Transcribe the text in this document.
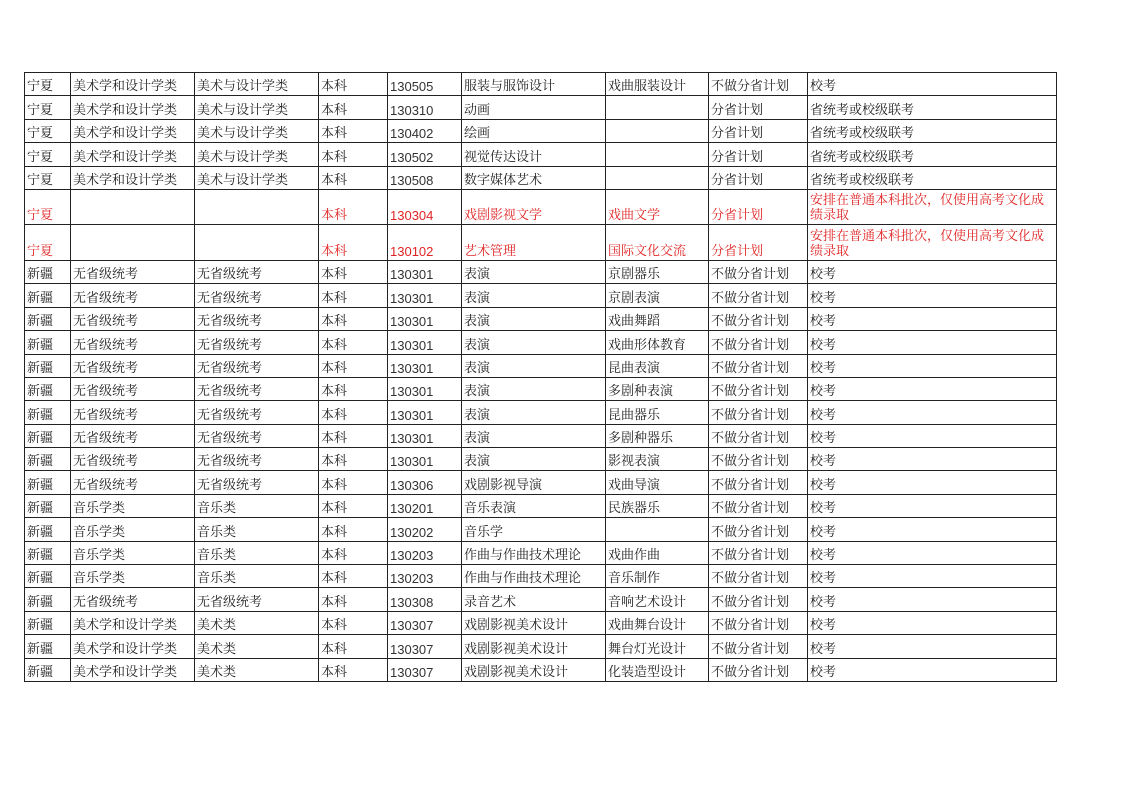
宁夏	美术学和设计学类	美术与设计学类	本科	130505	服装与服饰设计	戏曲服装设计	不做分省计划	校考
宁夏	美术学和设计学类	美术与设计学类	本科	130310	动画		分省计划	省统考或校级联考
宁夏	美术学和设计学类	美术与设计学类	本科	130402	绘画		分省计划	省统考或校级联考
宁夏	美术学和设计学类	美术与设计学类	本科	130502	视觉传达设计		分省计划	省统考或校级联考
宁夏	美术学和设计学类	美术与设计学类	本科	130508	数字媒体艺术		分省计划	省统考或校级联考
宁夏			本科	130304	戏剧影视文学	戏曲文学	分省计划	安排在普通本科批次，仅使用高考文化成绩录取
宁夏			本科	130102	艺术管理	国际文化交流	分省计划	安排在普通本科批次，仅使用高考文化成绩录取
新疆	无省级统考	无省级统考	本科	130301	表演	京剧器乐	不做分省计划	校考
新疆	无省级统考	无省级统考	本科	130301	表演	京剧表演	不做分省计划	校考
新疆	无省级统考	无省级统考	本科	130301	表演	戏曲舞蹈	不做分省计划	校考
新疆	无省级统考	无省级统考	本科	130301	表演	戏曲形体教育	不做分省计划	校考
新疆	无省级统考	无省级统考	本科	130301	表演	昆曲表演	不做分省计划	校考
新疆	无省级统考	无省级统考	本科	130301	表演	多剧种表演	不做分省计划	校考
新疆	无省级统考	无省级统考	本科	130301	表演	昆曲器乐	不做分省计划	校考
新疆	无省级统考	无省级统考	本科	130301	表演	多剧种器乐	不做分省计划	校考
新疆	无省级统考	无省级统考	本科	130301	表演	影视表演	不做分省计划	校考
新疆	无省级统考	无省级统考	本科	130306	戏剧影视导演	戏曲导演	不做分省计划	校考
新疆	音乐学类	音乐类	本科	130201	音乐表演	民族器乐	不做分省计划	校考
新疆	音乐学类	音乐类	本科	130202	音乐学		不做分省计划	校考
新疆	音乐学类	音乐类	本科	130203	作曲与作曲技术理论	戏曲作曲	不做分省计划	校考
新疆	音乐学类	音乐类	本科	130203	作曲与作曲技术理论	音乐制作	不做分省计划	校考
新疆	无省级统考	无省级统考	本科	130308	录音艺术	音响艺术设计	不做分省计划	校考
新疆	美术学和设计学类	美术类	本科	130307	戏剧影视美术设计	戏曲舞台设计	不做分省计划	校考
新疆	美术学和设计学类	美术类	本科	130307	戏剧影视美术设计	舞台灯光设计	不做分省计划	校考
新疆	美术学和设计学类	美术类	本科	130307	戏剧影视美术设计	化装造型设计	不做分省计划	校考
